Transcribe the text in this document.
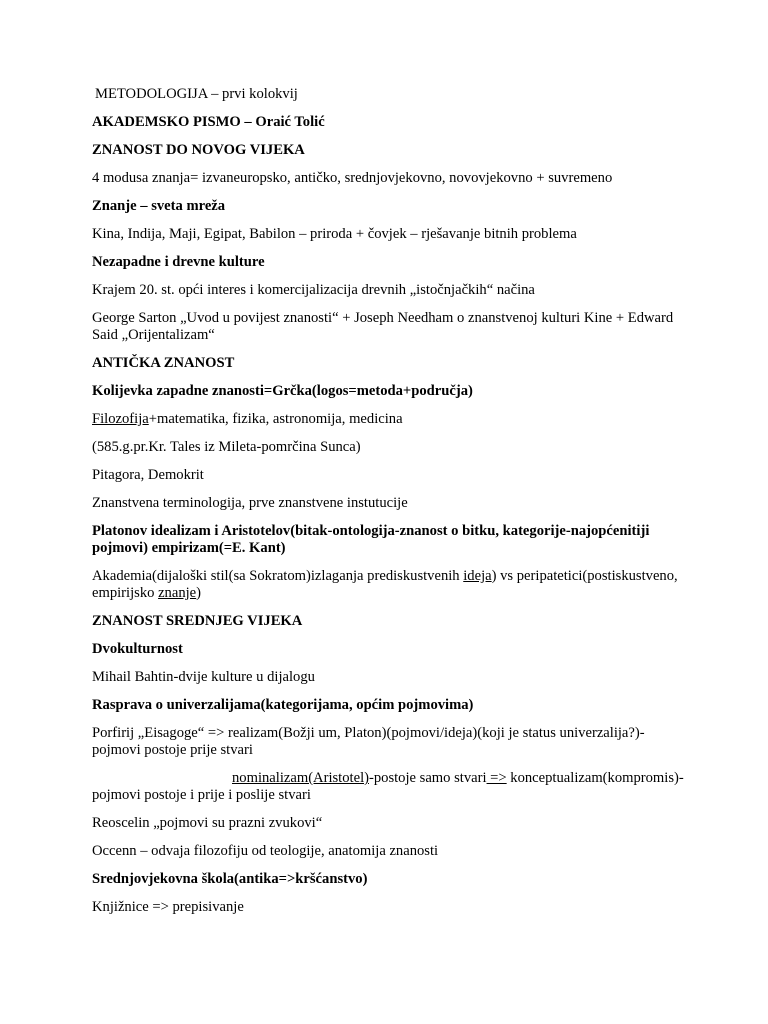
METODOLOGIJA – prvi kolokvij

AKADEMSKO PISMO – Oraić Tolić

ZNANOST DO NOVOG VIJEKA

4 modusa znanja= izvaneuropsko, antičko, srednjovjekovno, novovjekovno + suvremeno

Znanje – sveta mreža

Kina, Indija, Maji, Egipat, Babilon – priroda + čovjek – rješavanje bitnih problema

Nezapadne i drevne kulture

Krajem 20. st. opći interes i komercijalizacija drevnih „istočnjačkih“ načina

George Sarton „Uvod u povijest znanosti“ + Joseph Needham o znanstvenoj kulturi Kine + Edward Said „Orijentalizam“

ANTIČKA ZNANOST

Kolijevka zapadne znanosti=Grčka(logos=metoda+područja)

Filozofija+matematika, fizika, astronomija, medicina

(585.g.pr.Kr. Tales iz Mileta-pomrčina Sunca)

Pitagora, Demokrit

Znanstvena terminologija, prve znanstvene instutucije

Platonov idealizam i Aristotelov(bitak-ontologija-znanost o bitku, kategorije-najopćenitiji pojmovi) empirizam(=E. Kant)

Akademia(dijaloški stil(sa Sokratom)izlaganja prediskustvenih ideja) vs peripatetici(postiskustveno, empirijsko znanje)

ZNANOST SREDNJEG VIJEKA

Dvokulturnost

Mihail Bahtin-dvije kulture u dijalogu

Rasprava o univerzalijama(kategorijama, općim pojmovima)

Porfirij „Eisagoge“ => realizam(Božji um, Platon)(pojmovi/ideja)(koji je status univerzalija?)-pojmovi postoje prije stvari

nominalizam(Aristotel)-postoje samo stvari => konceptualizam(kompromis)-pojmovi postoje i prije i poslije stvari

Reoscelin „pojmovi su prazni zvukovi“

Occenn – odvaja filozofiju od teologije, anatomija znanosti

Srednjovjekovna škola(antika=>kršćanstvo)

Knjižnice => prepisivanje
